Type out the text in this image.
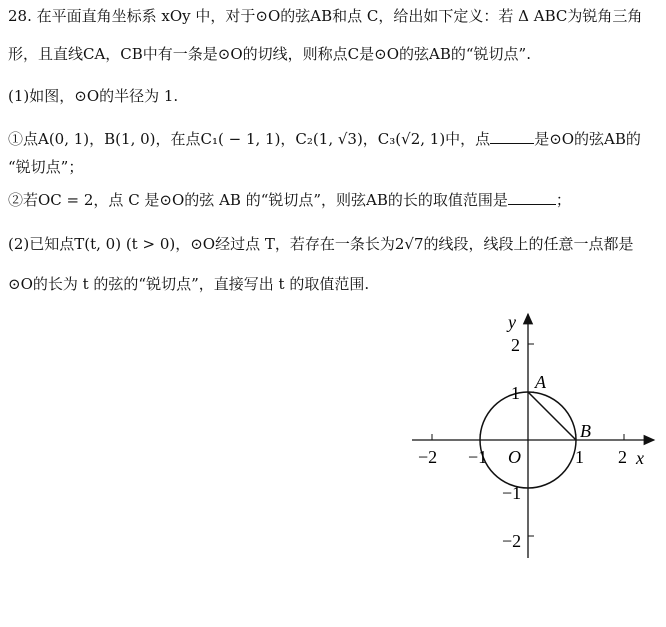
28. 在平面直角坐标系 xOy 中，对于⊙O的弦AB和点 C，给出如下定义：若 Δ ABC为锐角三角
形，且直线CA，CB中有一条是⊙O的切线，则称点C是⊙O的弦AB的“锐切点”.
(1)如图，⊙O的半径为 1.
①点A(0, 1)，B(1, 0)，在点C₁( − 1, 1)，C₂(1, √3)，C₃(√2, 1)中，点	是⊙O的弦AB的
“锐切点”；
②若OC = 2，点 C 是⊙O的弦 AB 的“锐切点”，则弦AB的长的取值范围是	；
(2)已知点T(t, 0) (t > 0)，⊙O经过点 T，若存在一条长为2√7的线段，线段上的任意一点都是
⊙O的长为 t 的弦的“锐切点”，直接写出 t 的取值范围.
x
y
O
A
B
−2 −1	1 2
2
1
−1
−2
